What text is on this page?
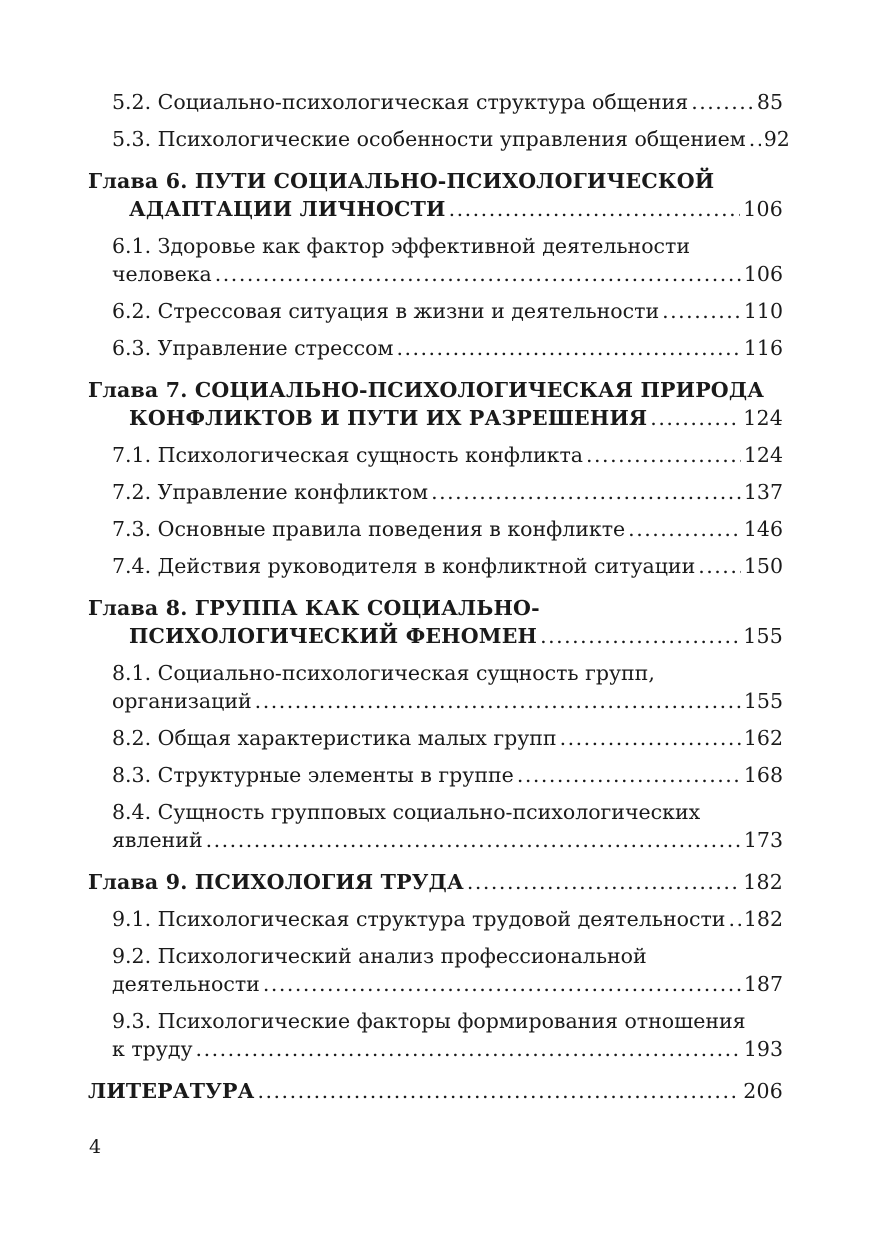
5.2. Социально-психологическая структура общения .....	85
5.3. Психологические особенности управления общением ..... 92
Глава 6. ПУТИ СОЦИАЛЬНО-ПСИХОЛОГИЧЕСКОЙ
АДАПТАЦИИ ЛИЧНОСТИ .....	106
6.1. Здоровье как фактор эффективной деятельности
человека .....	106
6.2. Стрессовая ситуация в жизни и деятельности .....	110
6.3. Управление стрессом .....	116
Глава 7. СОЦИАЛЬНО-ПСИХОЛОГИЧЕСКАЯ ПРИРОДА
КОНФЛИКТОВ И ПУТИ ИХ РАЗРЕШЕНИЯ .....	124
7.1. Психологическая сущность конфликта .....	124
7.2. Управление конфликтом .....	137
7.3. Основные правила поведения в конфликте .....	146
7.4. Действия руководителя в конфликтной ситуации ..... 150
Глава 8. ГРУППА КАК СОЦИАЛЬНО-
ПСИХОЛОГИЧЕСКИЙ ФЕНОМЕН .....	155
8.1. Социально-психологическая сущность групп,
организаций .....	155
8.2. Общая характеристика малых групп .....	162
8.3. Структурные элементы в группе .....	168
8.4. Сущность групповых социально-психологических
явлений .....	173
Глава 9. ПСИХОЛОГИЯ ТРУДА .....	182
9.1. Психологическая структура трудовой деятельности ..... 182
9.2. Психологический анализ профессиональной
деятельности .....	187
9.3. Психологические факторы формирования отношения
к труду .....	193
ЛИТЕРАТУРА .....	206
4
